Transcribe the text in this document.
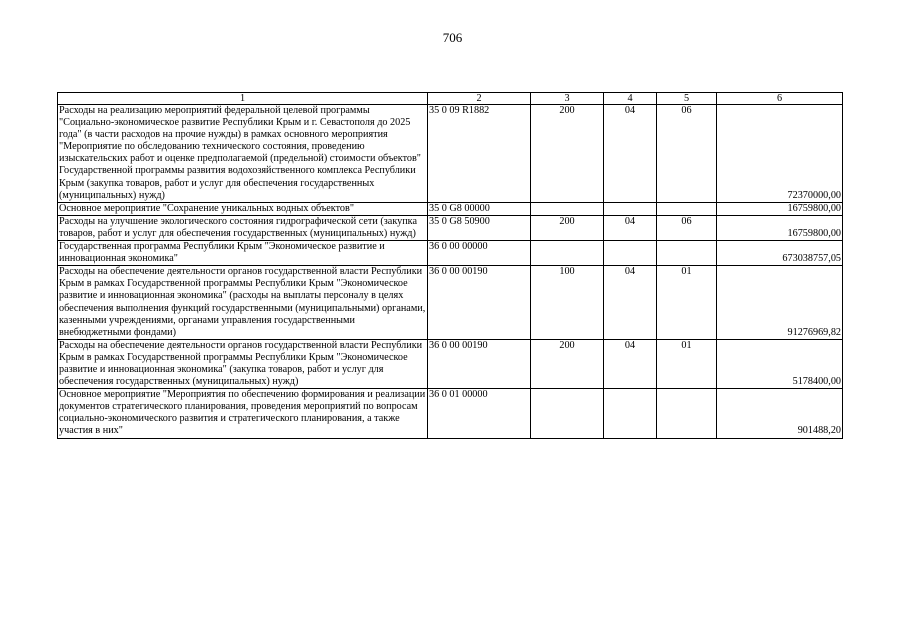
706
1	2	3	4	5	6
Расходы на реализацию мероприятий федеральной целевой программы "Социально-экономическое развитие Республики Крым и г. Севастополя до 2025 года" (в части расходов на прочие нужды) в рамках основного мероприятия "Мероприятие по обследованию технического состояния, проведению изыскательских работ и оценке предполагаемой (предельной) стоимости объектов" Государственной программы развития водохозяйственного комплекса Республики Крым (закупка товаров, работ и услуг для обеспечения государственных (муниципальных) нужд)	35 0 09 R1882	200	04	06	72370000,00
Основное мероприятие "Сохранение уникальных водных объектов"	35 0 G8 00000				16759800,00
Расходы на улучшение экологического состояния гидрографической сети (закупка товаров, работ и услуг для обеспечения государственных (муниципальных) нужд)	35 0 G8 50900	200	04	06	16759800,00
Государственная программа Республики Крым "Экономическое развитие и инновационная экономика"	36 0 00 00000				673038757,05
Расходы на обеспечение деятельности органов государственной власти Республики Крым в рамках Государственной программы Республики Крым "Экономическое развитие и инновационная экономика" (расходы на выплаты персоналу в целях обеспечения выполнения функций государственными (муниципальными) органами, казенными учреждениями, органами управления государственными внебюджетными фондами)	36 0 00 00190	100	04	01	91276969,82
Расходы на обеспечение деятельности органов государственной власти Республики Крым в рамках Государственной программы Республики Крым "Экономическое развитие и инновационная экономика" (закупка товаров, работ и услуг для обеспечения государственных (муниципальных) нужд)	36 0 00 00190	200	04	01	5178400,00
Основное мероприятие "Мероприятия по обеспечению формирования и реализации документов стратегического планирования, проведения мероприятий по вопросам социально-экономического развития и стратегического планирования, а также участия в них"	36 0 01 00000				901488,20
